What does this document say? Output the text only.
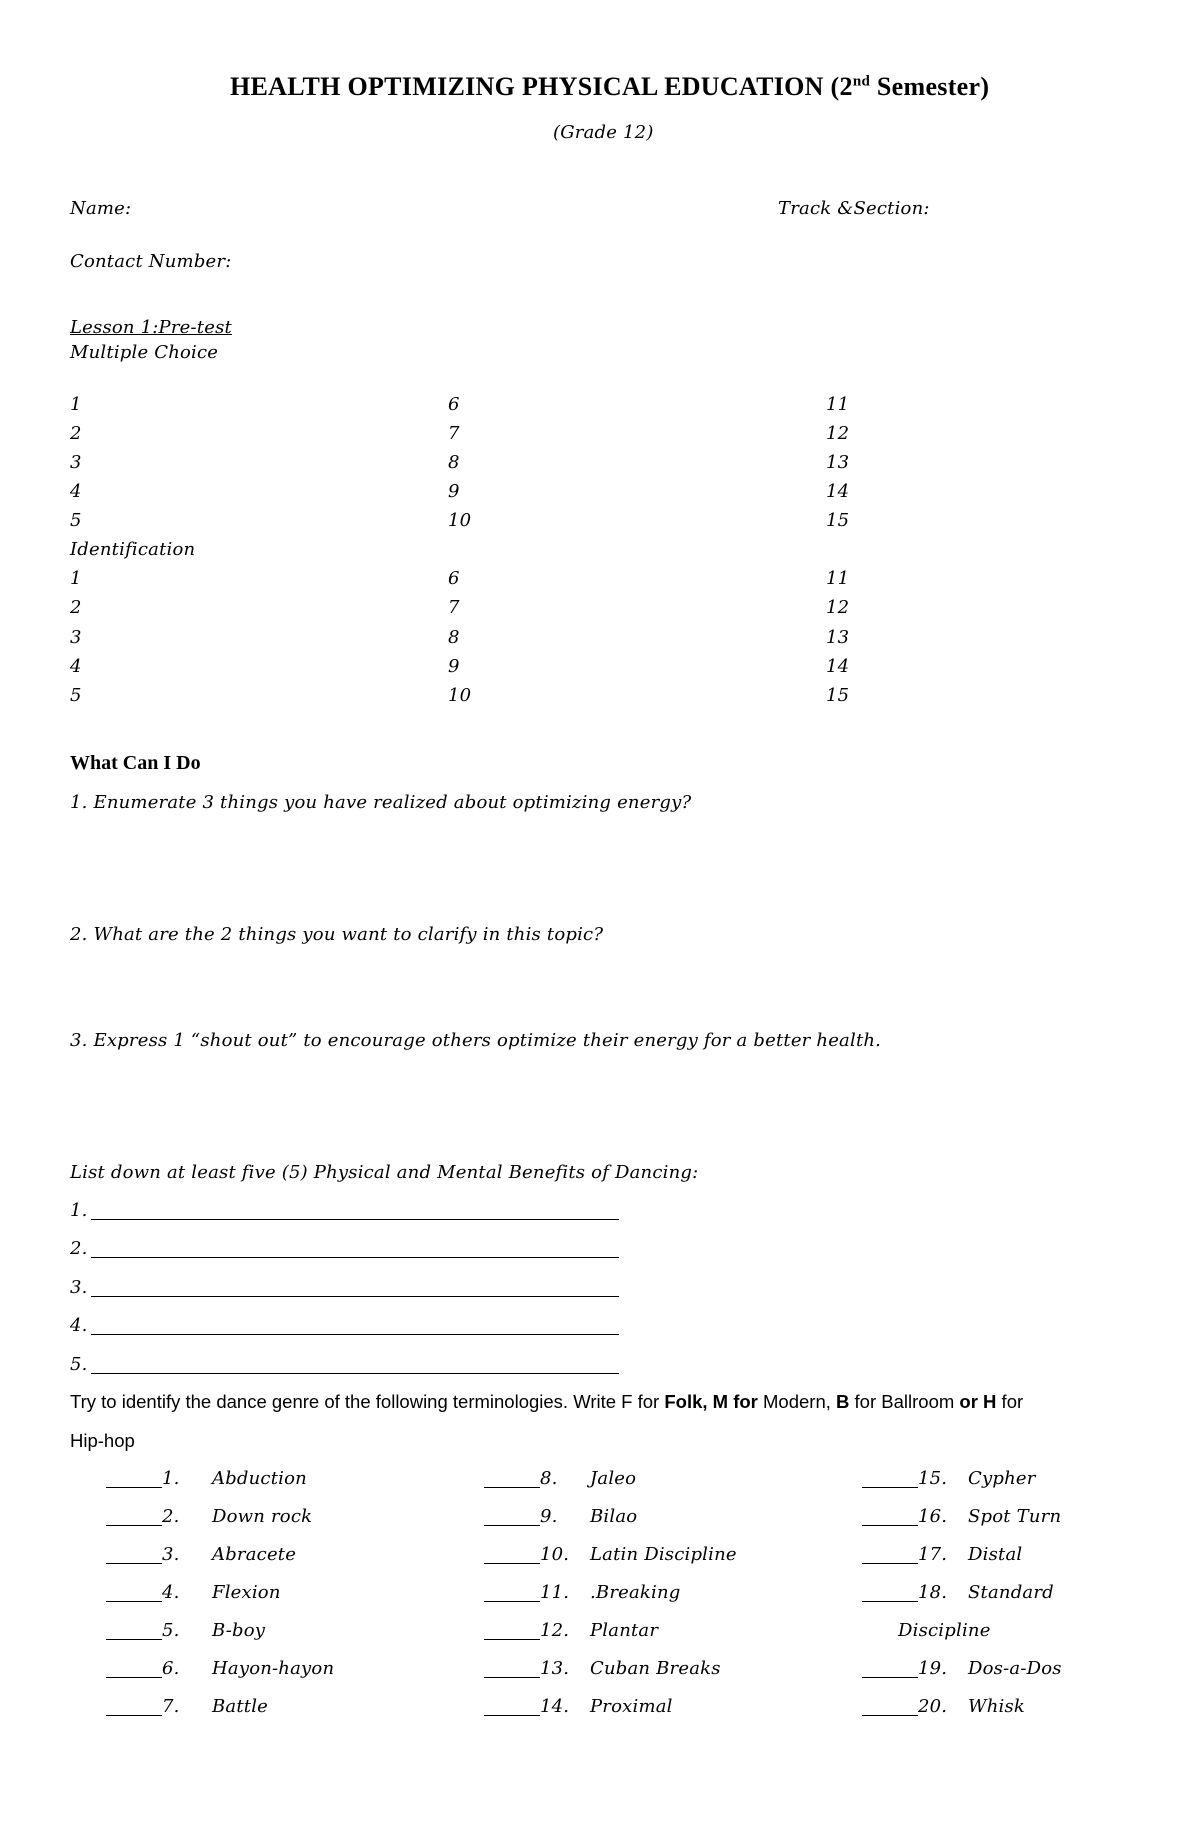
HEALTH OPTIMIZING PHYSICAL EDUCATION (2nd Semester)
(Grade 12)
Name:	Track &Section:
Contact Number:
Lesson 1:Pre-test
Multiple Choice
1
2
3
4
5
6
7
8
9
10
11
12
13
14
15
Identification
1
2
3
4
5
6
7
8
9
10
11
12
13
14
15
What Can I Do
1. Enumerate 3 things you have realized about optimizing energy?
2. What are the 2 things you want to clarify in this topic?
3. Express 1 “shout out” to encourage others optimize their energy for a better health.
List down at least five (5) Physical and Mental Benefits of Dancing:
1.
2.
3.
4.
5.
Try to identify the dance genre of the following terminologies. Write F for Folk, M for Modern, B for Ballroom or H for
Hip-hop
1. Abduction
2. Down rock
3. Abracete
4. Flexion
5. B-boy
6. Hayon-hayon
7. Battle
8. Jaleo
9. Bilao
10. Latin Discipline
11. .Breaking
12. Plantar
13. Cuban Breaks
14. Proximal
15. Cypher
16. Spot Turn
17. Distal
18. Standard
Discipline
19. Dos-a-Dos
20. Whisk
